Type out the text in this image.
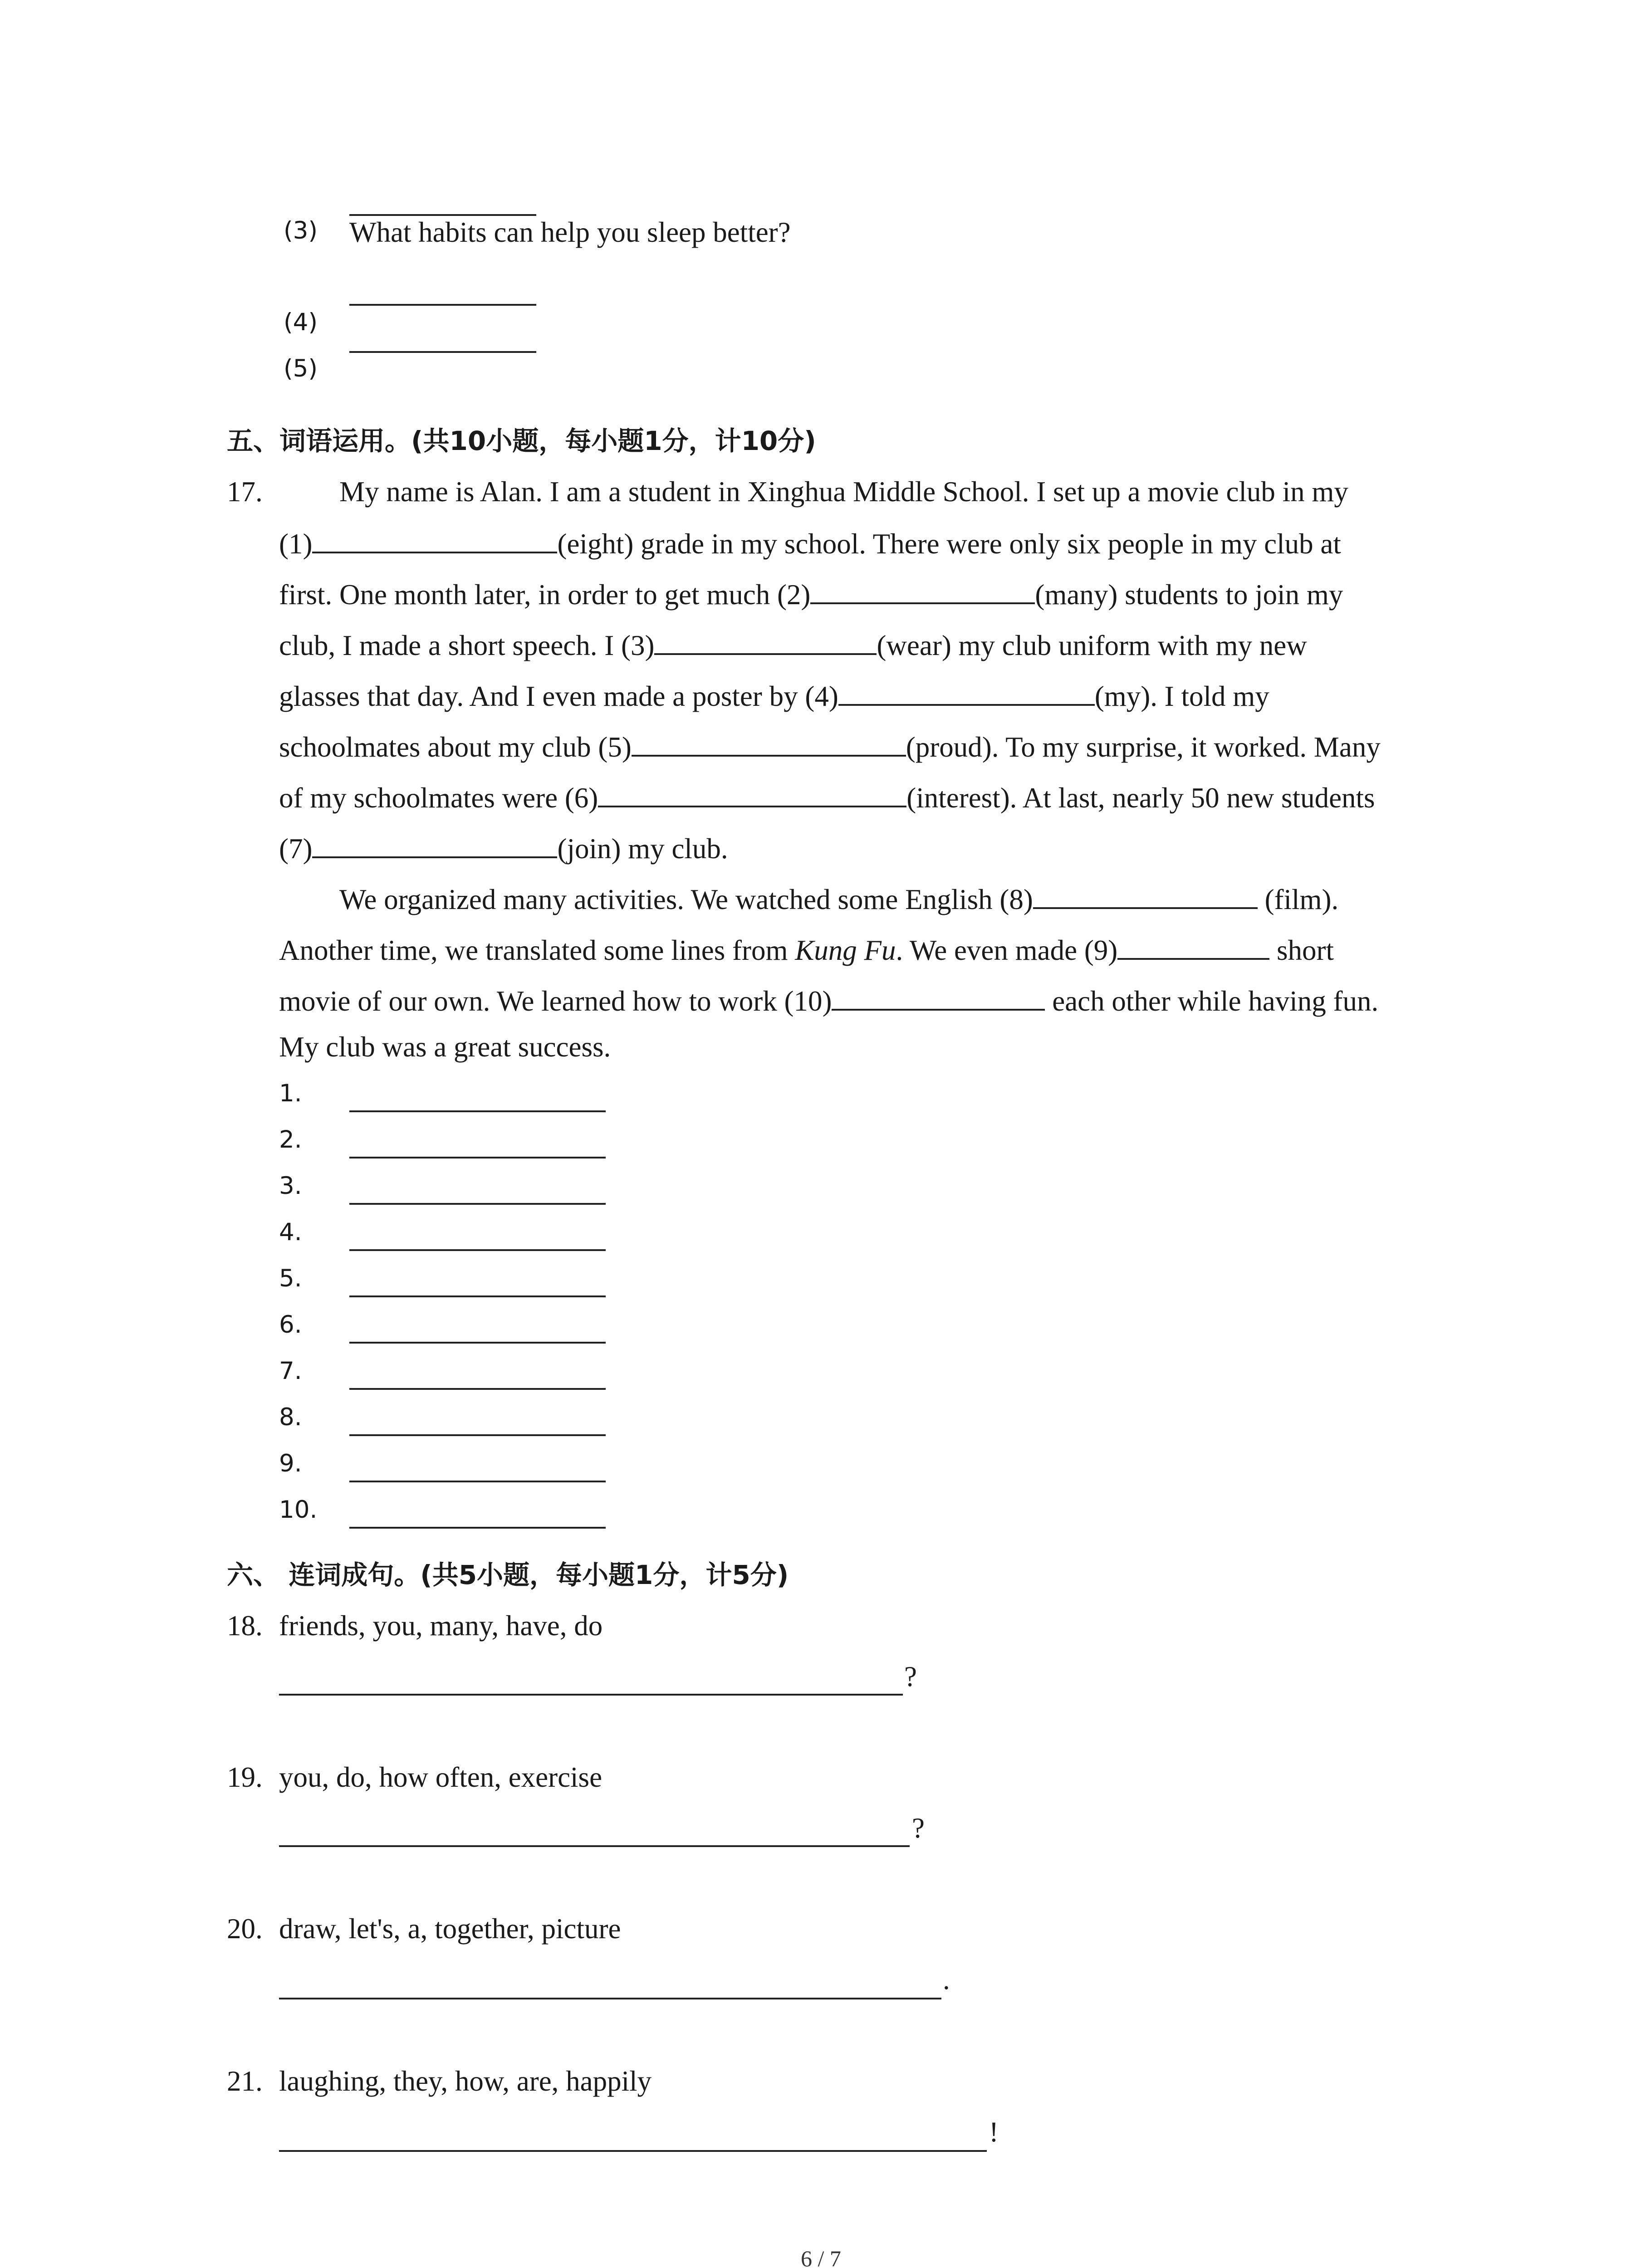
(3) What habits can help you sleep better?
(4)
(5)
五、词语运用。(共10小题，每小题1分，计10分)
17.	My name is Alan. I am a student in Xinghua Middle School. I set up a movie club in my
(1)	(eight) grade in my school. There were only six people in my club at
first. One month later, in order to get much (2)	(many) students to join my
club, I made a short speech. I (3)	(wear) my club uniform with my new
glasses that day. And I even made a poster by (4)	(my). I told my
schoolmates about my club (5)	(proud). To my surprise, it worked. Many
of my schoolmates were (6)	(interest). At last, nearly 50 new students
(7)	(join) my club.
We organized many activities. We watched some English (8)	(film).
Another time, we translated some lines from Kung Fu. We even made (9)	short
movie of our own. We learned how to work (10)	each other while having fun.
My club was a great success.
1.
2.
3.
4.
5.
6.
7.
8.
9.
10.
六、 连词成句。(共5小题，每小题1分，计5分)
18. friends, you, many, have, do
?
19. you, do, how often, exercise
?
20. draw, let's, a, together, picture
.
21. laughing, they, how, are, happily
!
6 / 7
